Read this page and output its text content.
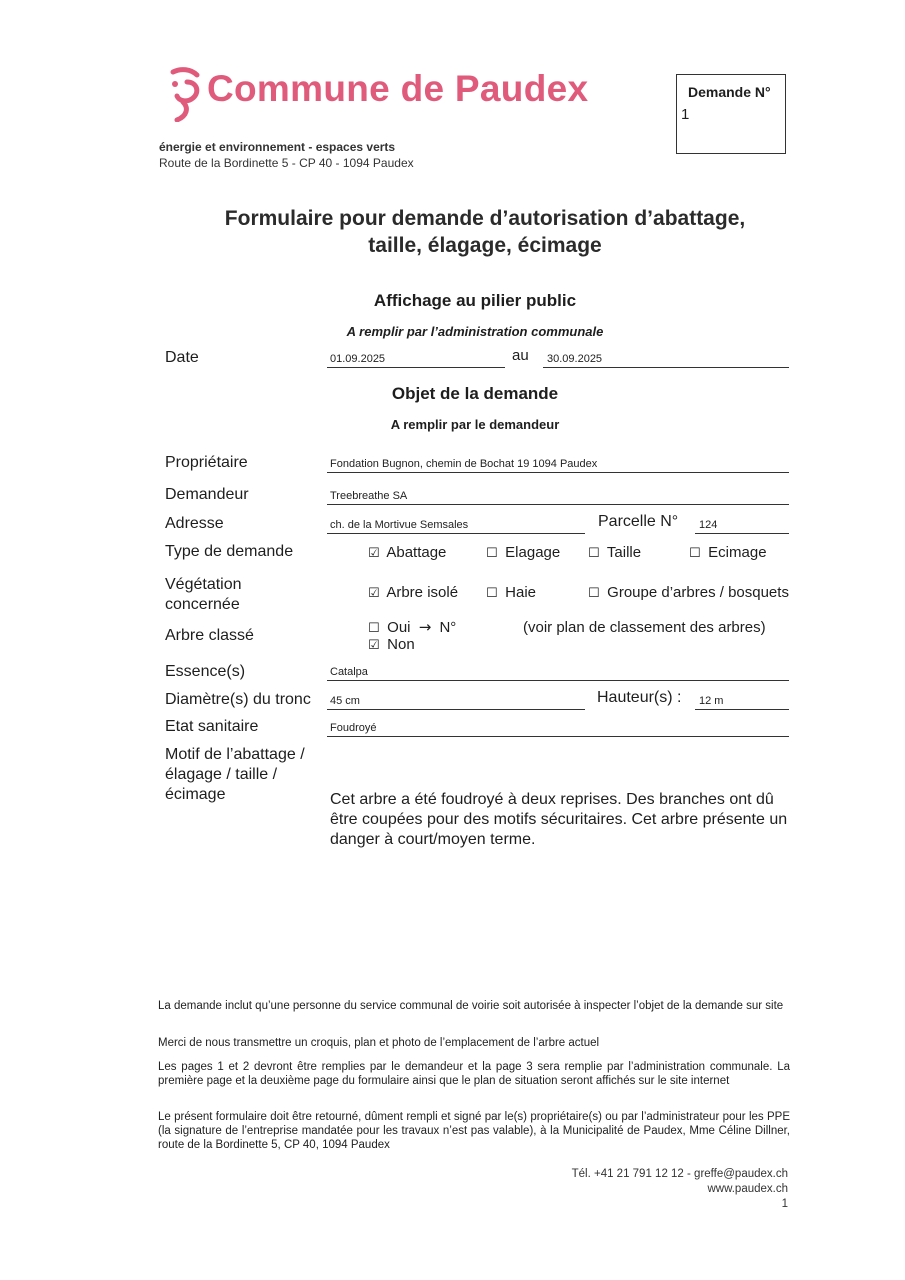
Commune de Paudex
énergie et environnement - espaces verts
Route de la Bordinette 5 - CP 40 - 1094 Paudex
Demande N°
1
Formulaire pour demande d’autorisation d’abattage,
taille, élagage, écimage
Affichage au pilier public
A remplir par l’administration communale
Date	01.09.2025	au 30.09.2025
Objet de la demande
A remplir par le demandeur
Propriétaire	Fondation Bugnon, chemin de Bochat 19 1094 Paudex
Demandeur	Treebreathe SA
Adresse	ch. de la Mortivue Semsales	Parcelle N° 124
Type de demande	☑ Abattage	☐ Elagage ☐ Taille	☐ Ecimage
Végétation
concernée
☑ Arbre isolé ☐ Haie	☐ Groupe d’arbres / bosquets
Arbre classé	☐ Oui → N°
☑ Non
(voir plan de classement des arbres)
Essence(s)	Catalpa
Diamètre(s) du tronc 45 cm	Hauteur(s) : 12 m
Etat sanitaire	Foudroyé
Motif de l’abattage /
élagage / taille /
écimage	Cet arbre a été foudroyé à deux reprises. Des branches ont dû être coupées pour des motifs sécuritaires. Cet arbre présente un danger à court/moyen terme.
La demande inclut qu’une personne du service communal de voirie soit autorisée à inspecter l’objet de la demande sur site
Merci de nous transmettre un croquis, plan et photo de l’emplacement de l’arbre actuel
Les pages 1 et 2 devront être remplies par le demandeur et la page 3 sera remplie par l’administration communale. La première page et la deuxième page du formulaire ainsi que le plan de situation seront affichés sur le site internet
Le présent formulaire doit être retourné, dûment rempli et signé par le(s) propriétaire(s) ou par l’administrateur pour les PPE (la signature de l’entreprise mandatée pour les travaux n’est pas valable), à la Municipalité de Paudex, Mme Céline Dillner, route de la Bordinette 5, CP 40, 1094 Paudex
Tél. +41 21 791 12 12 - greffe@paudex.ch
www.paudex.ch
1
